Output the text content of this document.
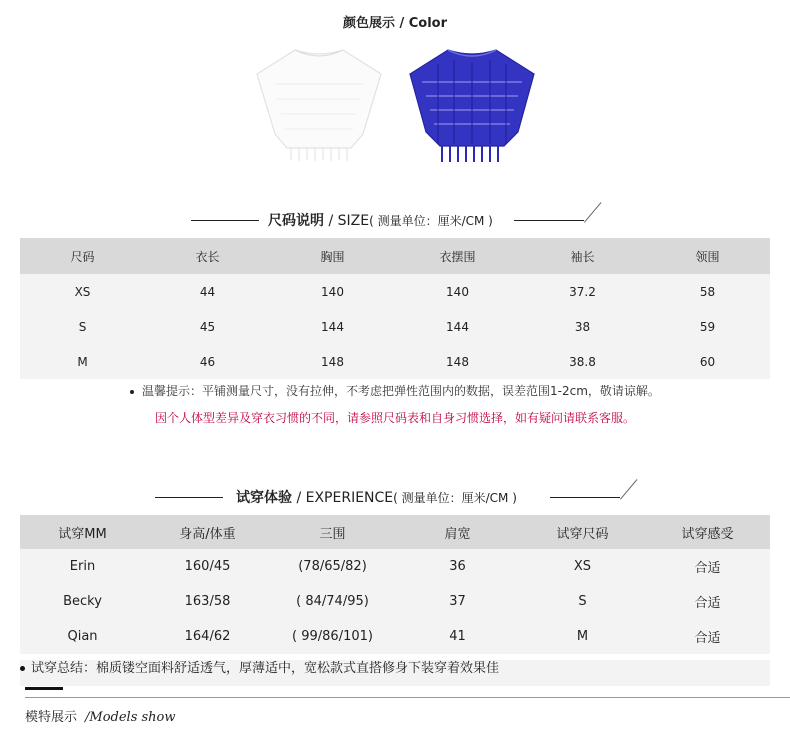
颜色展示 / Color
尺码说明 / SIZE( 测量单位：厘米/CM )
尺码	衣长	胸围	衣摆围	袖长	领围
XS	44	140	140	37.2	58
S	45	144	144	38	59
M	46	148	148	38.8	60
温馨提示：平铺测量尺寸，没有拉伸，不考虑把弹性范围内的数据，误差范围1-2cm，敬请谅解。
因个人体型差异及穿衣习惯的不同，请参照尺码表和自身习惯选择，如有疑问请联系客服。
试穿体验 / EXPERIENCE( 测量单位：厘米/CM )
试穿MM	身高/体重	三围	肩宽	试穿尺码	试穿感受
Erin	160/45	(78/65/82)	36	XS	合适
Becky	163/58	( 84/74/95)	37	S	合适
Qian	164/62	( 99/86/101)	41	M	合适
试穿总结：棉质镂空面料舒适透气，厚薄适中，宽松款式直搭修身下装穿着效果佳
模特展示 /Models show
